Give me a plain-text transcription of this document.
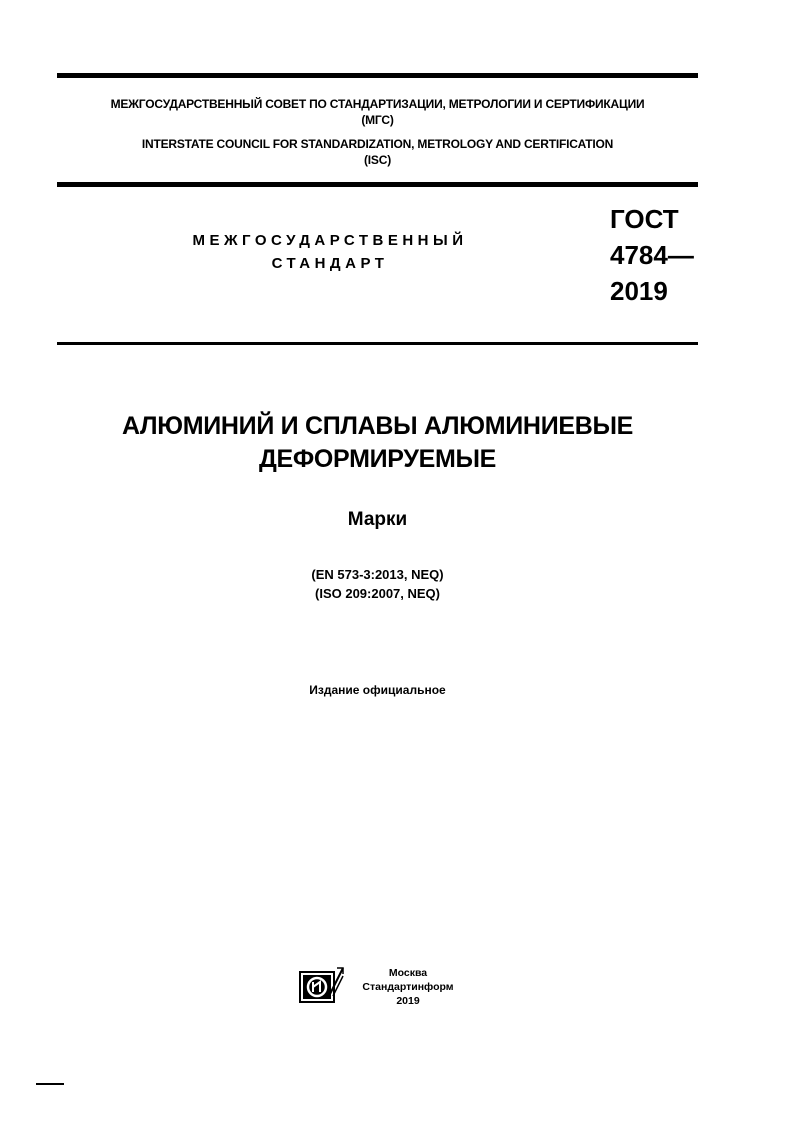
МЕЖГОСУДАРСТВЕННЫЙ СОВЕТ ПО СТАНДАРТИЗАЦИИ, МЕТРОЛОГИИ И СЕРТИФИКАЦИИ
(МГС)
INTERSTATE COUNCIL FOR STANDARDIZATION, METROLOGY AND CERTIFICATION
(ISC)
МЕЖГОСУДАРСТВЕННЫЙ
СТАНДАРТ
ГОСТ
4784—
2019
АЛЮМИНИЙ И СПЛАВЫ АЛЮМИНИЕВЫЕ
ДЕФОРМИРУЕМЫЕ
Марки
(EN 573-3:2013, NEQ)
(ISO 209:2007, NEQ)
Издание официальное
Москва
Стандартинформ
2019
